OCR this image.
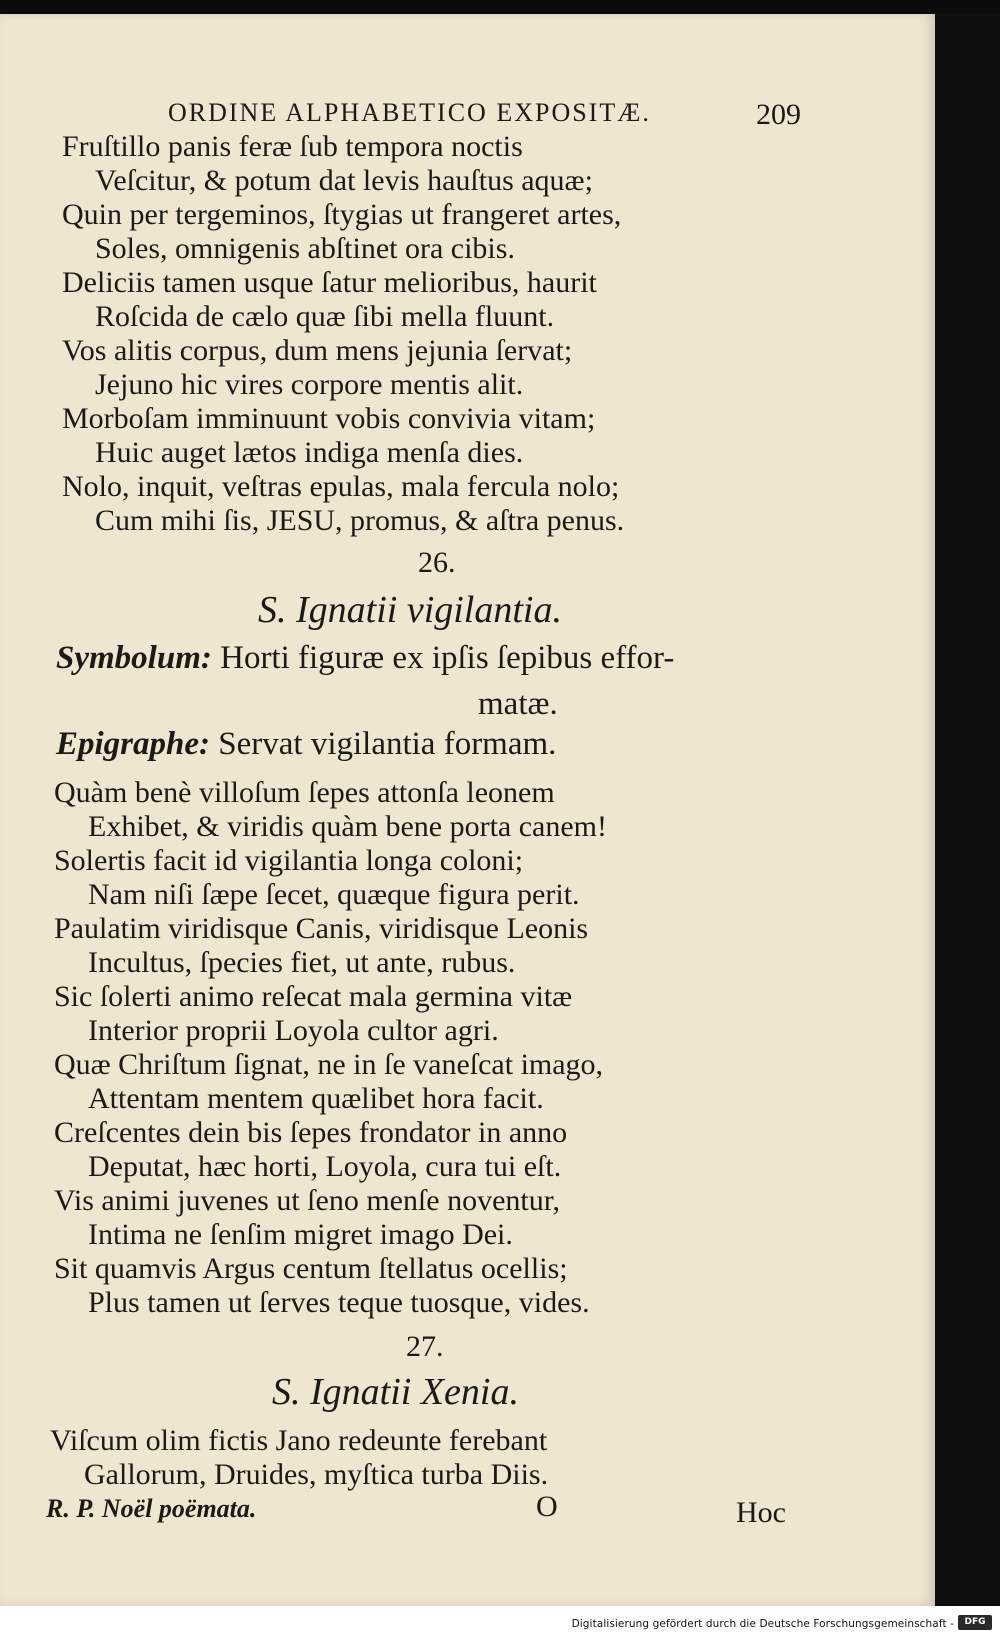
ORDINE ALPHABETICO EXPOSITÆ.	209
Fruſtillo panis feræ ſub tempora noctis
Veſcitur, & potum dat levis hauſtus aquæ;
Quin per tergeminos, ſtygias ut frangeret artes,
Soles, omnigenis abſtinet ora cibis.
Deliciis tamen usque ſatur melioribus, haurit
Roſcida de cælo quæ ſibi mella fluunt.
Vos alitis corpus, dum mens jejunia ſervat;
Jejuno hic vires corpore mentis alit.
Morboſam imminuunt vobis convivia vitam;
Huic auget lætos indiga menſa dies.
Nolo, inquit, veſtras epulas, mala fercula nolo;
Cum mihi ſis, JESU, promus, & aſtra penus.
26.
S. Ignatii vigilantia.
Symbolum: Horti figuræ ex ipſis ſepibus effor-
matæ.
Epigraphe: Servat vigilantia formam.
Quàm benè villoſum ſepes attonſa leonem
Exhibet, & viridis quàm bene porta canem!
Solertis facit id vigilantia longa coloni;
Nam niſi ſæpe ſecet, quæque figura perit.
Paulatim viridisque Canis, viridisque Leonis
Incultus, ſpecies fiet, ut ante, rubus.
Sic ſolerti animo reſecat mala germina vitæ
Interior proprii Loyola cultor agri.
Quæ Chriſtum ſignat, ne in ſe vaneſcat imago,
Attentam mentem quælibet hora facit.
Creſcentes dein bis ſepes frondator in anno
Deputat, hæc horti, Loyola, cura tui eſt.
Vis animi juvenes ut ſeno menſe noventur,
Intima ne ſenſim migret imago Dei.
Sit quamvis Argus centum ſtellatus ocellis;
Plus tamen ut ſerves teque tuosque, vides.
27.
S. Ignatii Xenia.
Viſcum olim fictis Jano redeunte ferebant
Gallorum, Druides, myſtica turba Diis.
R. P. Noël poëmata.	O	Hoc
Digitalisierung gefördert durch die Deutsche Forschungsgemeinschaft -	DFG
